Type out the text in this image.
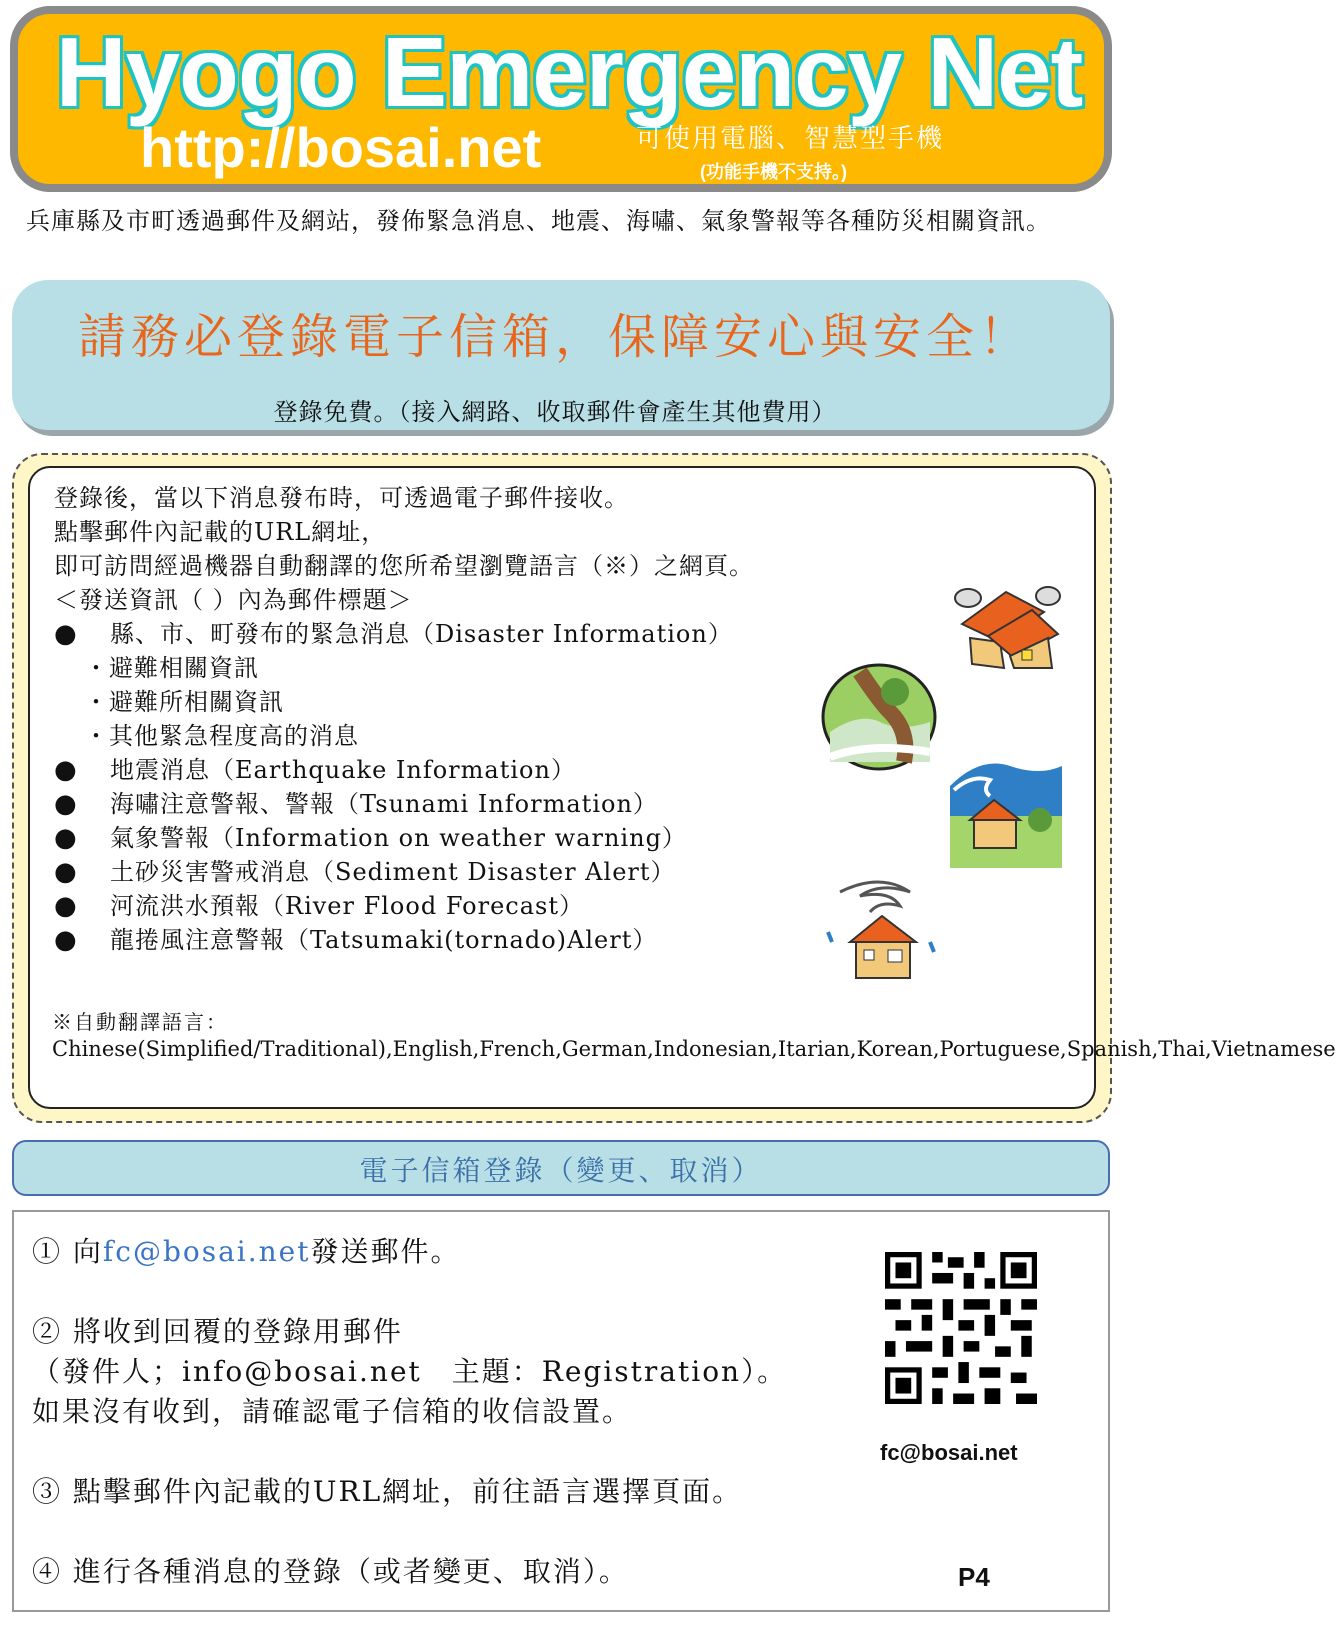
Hyogo Emergency Net
http://bosai.net	可使用電腦、智慧型手機
(功能手機不支持。)
兵庫縣及市町透過郵件及網站，發佈緊急消息、地震、海嘯、氣象警報等各種防災相關資訊。
請務必登錄電子信箱，保障安心與安全！
登錄免費。（接入網路、收取郵件會產生其他費用）
登錄後，當以下消息發布時，可透過電子郵件接收。
點擊郵件內記載的URL網址，
即可訪問經過機器自動翻譯的您所希望瀏覽語言（※）之網頁。
＜發送資訊（ ）內為郵件標題＞
● 縣、市、町發布的緊急消息（Disaster Information）
・避難相關資訊
・避難所相關資訊
・其他緊急程度高的消息
● 地震消息（Earthquake Information）
● 海嘯注意警報、警報（Tsunami Information）
● 氣象警報（Information on weather warning）
● 土砂災害警戒消息（Sediment Disaster Alert）
● 河流洪水預報（River Flood Forecast）
● 龍捲風注意警報（Tatsumaki(tornado)Alert）
※自動翻譯語言：
Chinese(Simplified/Traditional),English,French,German,Indonesian,Itarian,Korean,Portuguese,Spanish,Thai,Vietnamese
電子信箱登錄（變更、取消）
① 向fc@bosai.net發送郵件。
② 將收到回覆的登錄用郵件
（發件人；info@bosai.net　主題：Registration）。
如果沒有收到，請確認電子信箱的收信設置。
③ 點擊郵件內記載的URL網址，前往語言選擇頁面。
④ 進行各種消息的登錄（或者變更、取消）。
fc@bosai.net
P4
